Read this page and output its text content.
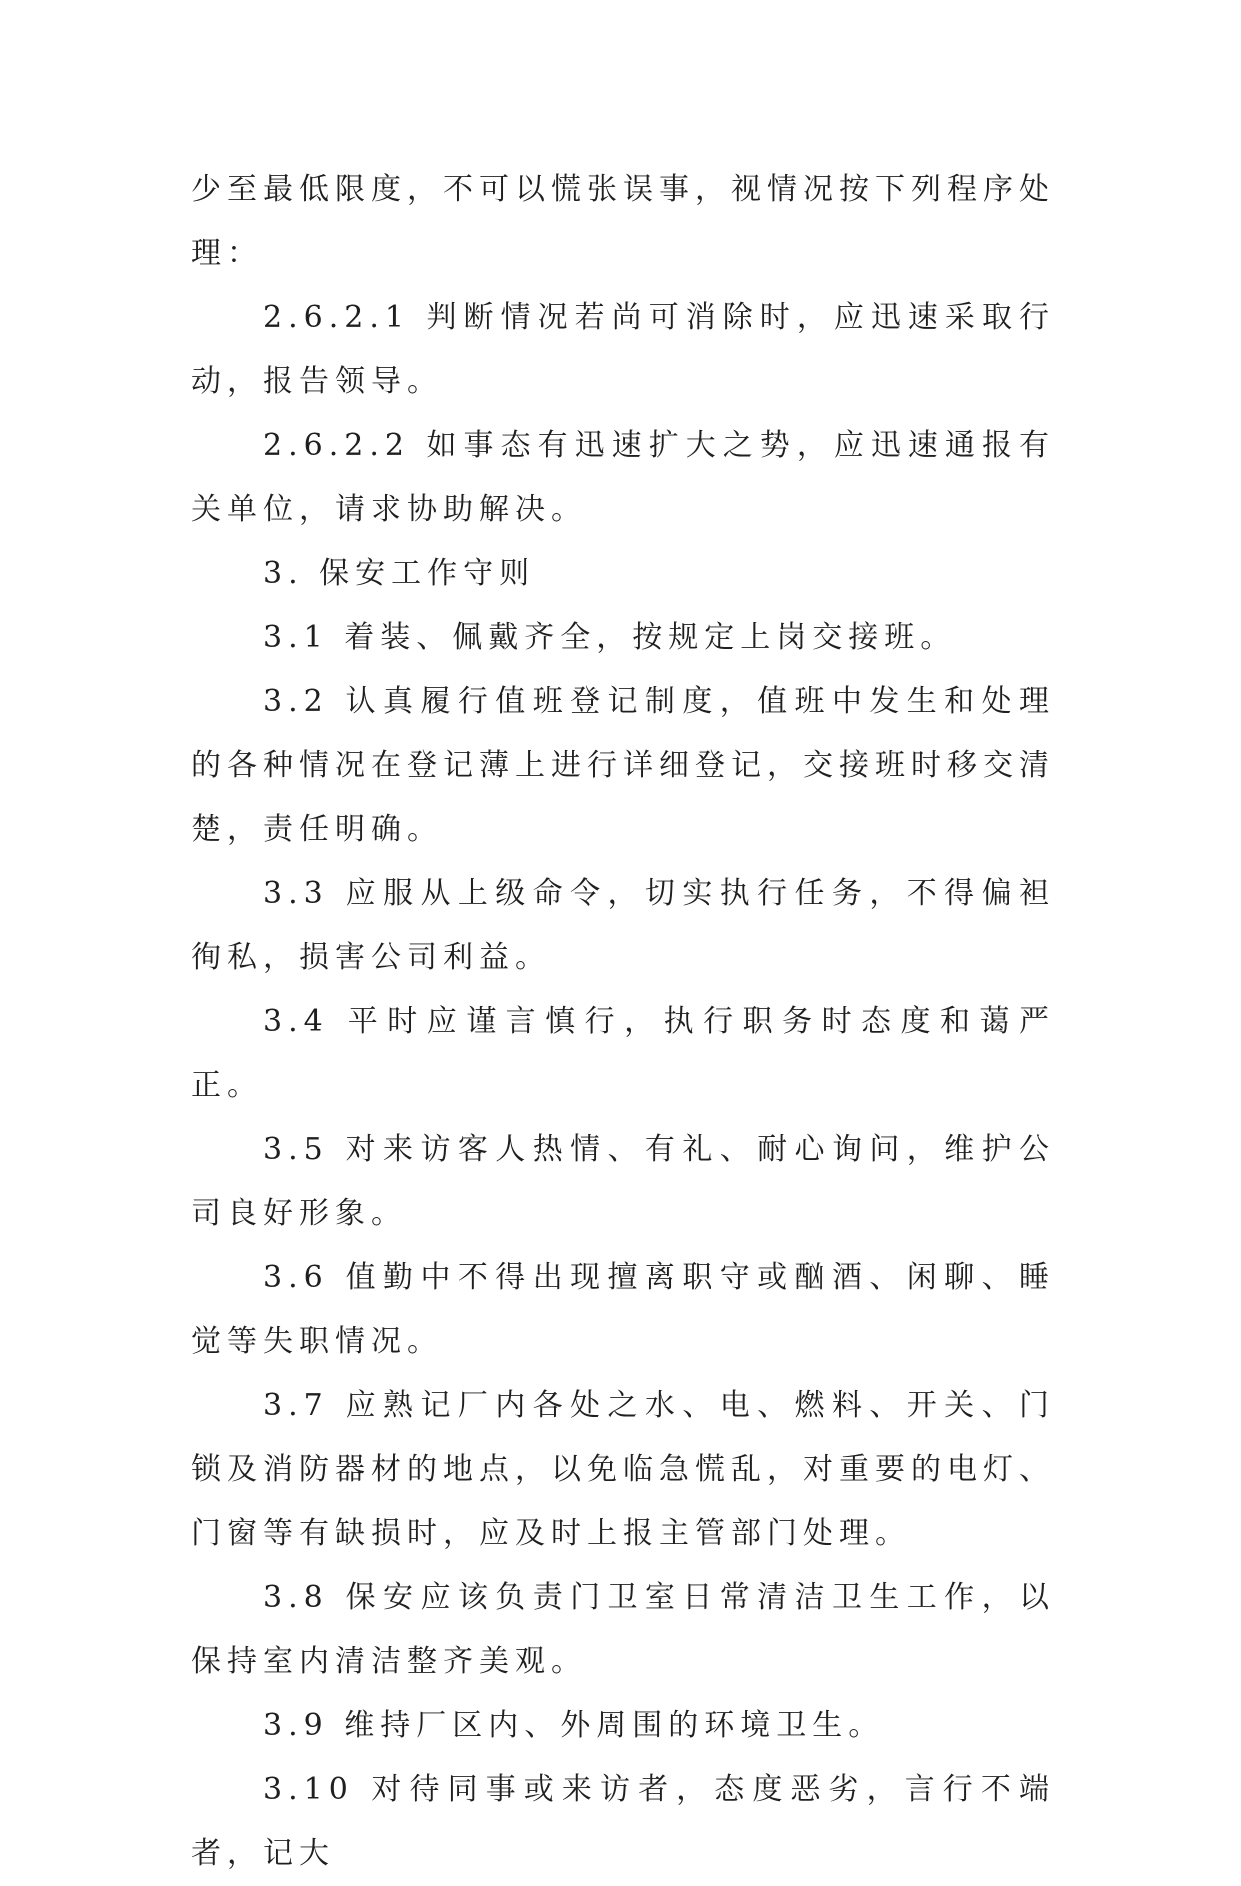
少至最低限度，不可以慌张误事，视情况按下列程序处理：

2.6.2.1 判断情况若尚可消除时，应迅速采取行动，报告领导。

2.6.2.2 如事态有迅速扩大之势，应迅速通报有关单位，请求协助解决。

3. 保安工作守则

3.1 着装、佩戴齐全，按规定上岗交接班。

3.2 认真履行值班登记制度，值班中发生和处理的各种情况在登记薄上进行详细登记，交接班时移交清楚，责任明确。

3.3 应服从上级命令，切实执行任务，不得偏袒徇私，损害公司利益。

3.4 平时应谨言慎行，执行职务时态度和蔼严正。

3.5 对来访客人热情、有礼、耐心询问，维护公司良好形象。

3.6 值勤中不得出现擅离职守或酗酒、闲聊、睡觉等失职情况。

3.7 应熟记厂内各处之水、电、燃料、开关、门锁及消防器材的地点，以免临急慌乱，对重要的电灯、门窗等有缺损时，应及时上报主管部门处理。

3.8 保安应该负责门卫室日常清洁卫生工作，以保持室内清洁整齐美观。

3.9 维持厂区内、外周围的环境卫生。

3.10 对待同事或来访者，态度恶劣，言行不端者，记大
